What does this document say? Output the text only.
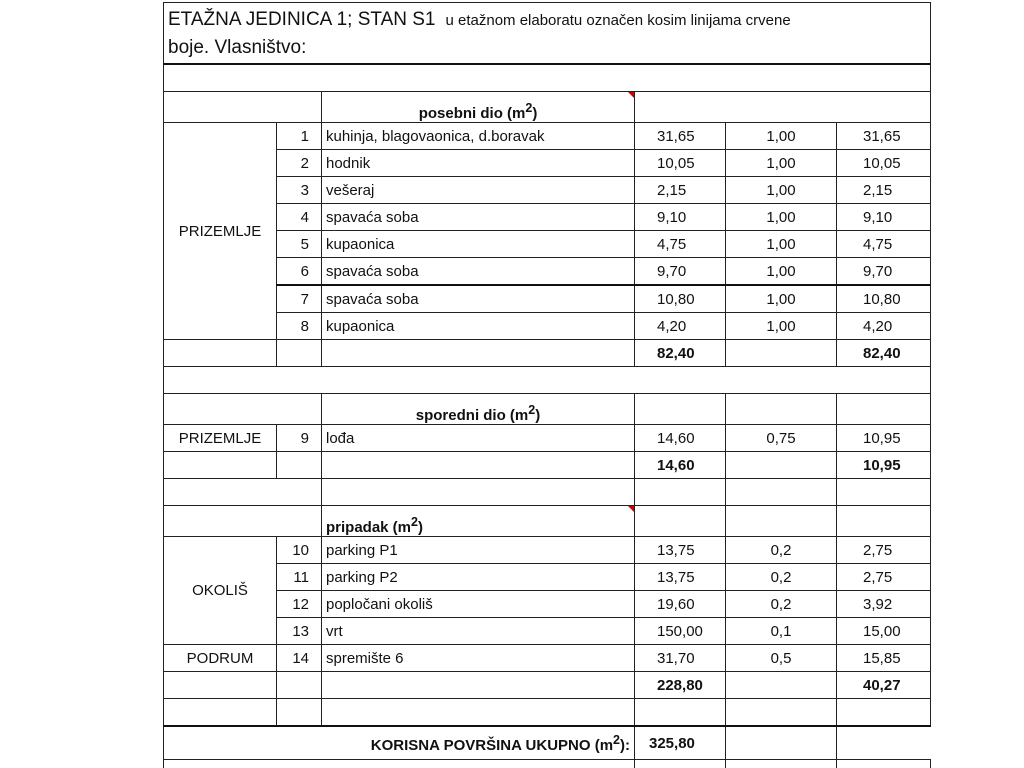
ETAŽNA JEDINICA 1; STAN S1 u etažnom elaboratu označen kosim linijama crvene
boje. Vlasništvo:					

		posebni dio $(m^2)$			
PRIZEMLJE	1	kuhinja, blagovaonica, d.boravak	31,65	1,00	31,65
	2	hodnik	10,05	1,00	10,05
	3	vešeraj	2,15	1,00	2,15
	4	spavaća soba	9,10	1,00	9,10
	5	kupaonica	4,75	1,00	4,75
	6	spavaća soba	9,70	1,00	9,70
	7	spavaća soba	10,80	1,00	10,80
	8	kupaonica	4,20	1,00	4,20
			82,40		82,40

		sporedni dio $(m^2)$			
PRIZEMLJE	9	lođa	14,60	0,75	10,95
			14,60		10,95

		pripadak $(m^2)$			
OKOLIŠ	10	parking P1	13,75	0,2	2,75
	11	parking P2	13,75	0,2	2,75
	12	popločani okoliš	19,60	0,2	3,92
	13	vrt	150,00	0,1	15,00
PODRUM	14	spremište 6	31,70	0,5	15,85
			228,80		40,27

KORISNA POVRŠINA UKUPNO $(m^2)$:			325,80		
